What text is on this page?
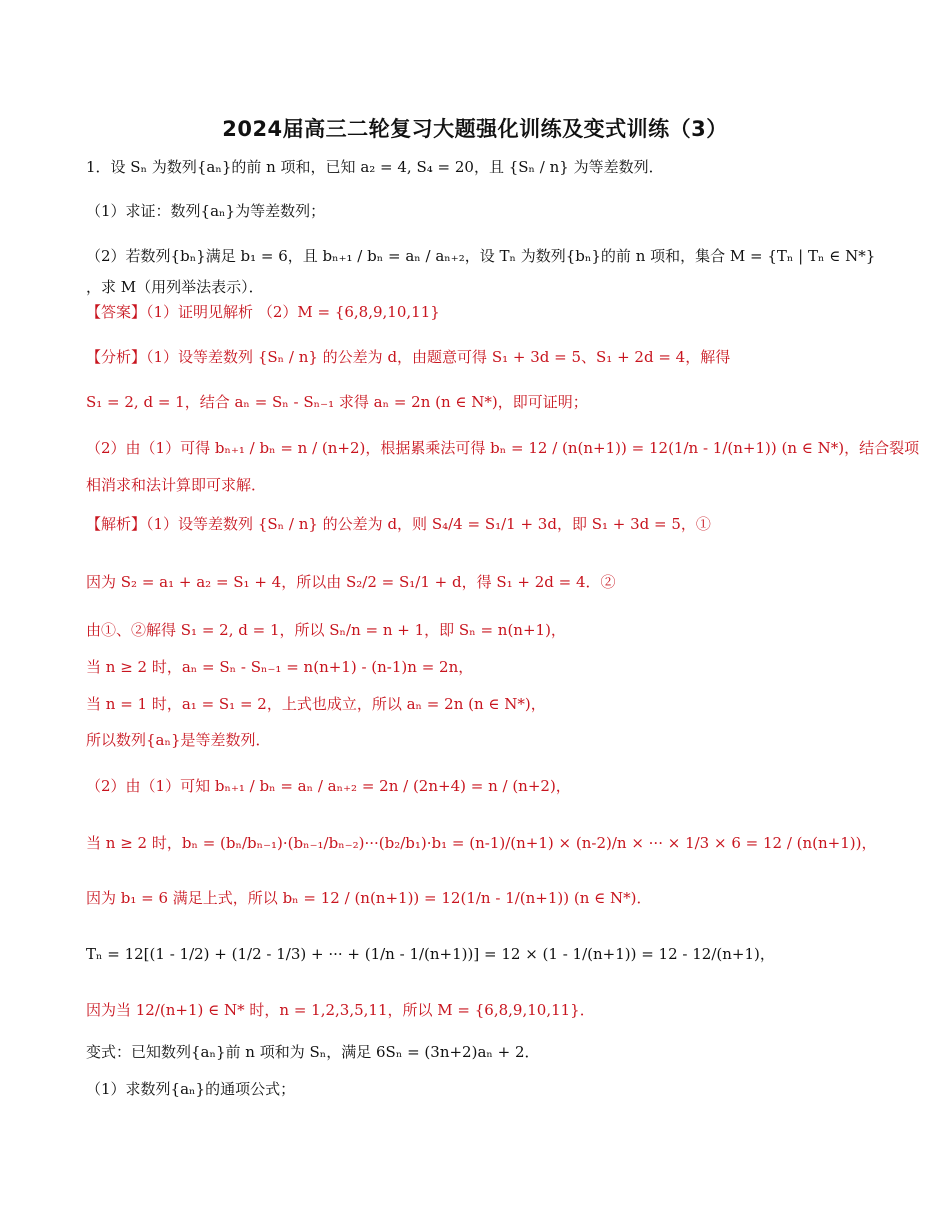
2024届高三二轮复习大题强化训练及变式训练（3）
1．设 Sₙ 为数列{aₙ}的前 n 项和，已知 a₂ = 4, S₄ = 20，且 {Sₙ / n} 为等差数列．
（1）求证：数列{aₙ}为等差数列；
（2）若数列{bₙ}满足 b₁ = 6，且 bₙ₊₁ / bₙ = aₙ / aₙ₊₂，设 Tₙ 为数列{bₙ}的前 n 项和，集合 M = {Tₙ | Tₙ ∈ N*}
，求 M（用列举法表示）．
【答案】（1）证明见解析 （2）M = {6,8,9,10,11}
【分析】（1）设等差数列 {Sₙ / n} 的公差为 d，由题意可得 S₁ + 3d = 5、S₁ + 2d = 4，解得
S₁ = 2, d = 1，结合 aₙ = Sₙ - Sₙ₋₁ 求得 aₙ = 2n (n ∈ N*)，即可证明；
（2）由（1）可得 bₙ₊₁ / bₙ = n / (n+2)，根据累乘法可得 bₙ = 12 / (n(n+1)) = 12(1/n - 1/(n+1)) (n ∈ N*)，结合裂项
相消求和法计算即可求解．
【解析】（1）设等差数列 {Sₙ / n} 的公差为 d，则 S₄/4 = S₁/1 + 3d，即 S₁ + 3d = 5，①
因为 S₂ = a₁ + a₂ = S₁ + 4，所以由 S₂/2 = S₁/1 + d，得 S₁ + 2d = 4．②
由①、②解得 S₁ = 2, d = 1，所以 Sₙ/n = n + 1，即 Sₙ = n(n+1)，
当 n ≥ 2 时，aₙ = Sₙ - Sₙ₋₁ = n(n+1) - (n-1)n = 2n，
当 n = 1 时，a₁ = S₁ = 2，上式也成立，所以 aₙ = 2n (n ∈ N*)，
所以数列{aₙ}是等差数列．
（2）由（1）可知 bₙ₊₁ / bₙ = aₙ / aₙ₊₂ = 2n / (2n+4) = n / (n+2)，
当 n ≥ 2 时，bₙ = (bₙ/bₙ₋₁)·(bₙ₋₁/bₙ₋₂)···(b₂/b₁)·b₁ = (n-1)/(n+1) × (n-2)/n × ··· × 1/3 × 6 = 12 / (n(n+1))，
因为 b₁ = 6 满足上式，所以 bₙ = 12 / (n(n+1)) = 12(1/n - 1/(n+1)) (n ∈ N*)．
Tₙ = 12[(1 - 1/2) + (1/2 - 1/3) + ··· + (1/n - 1/(n+1))] = 12 × (1 - 1/(n+1)) = 12 - 12/(n+1)，
因为当 12/(n+1) ∈ N* 时，n = 1,2,3,5,11，所以 M = {6,8,9,10,11}．
变式：已知数列{aₙ}前 n 项和为 Sₙ，满足 6Sₙ = (3n+2)aₙ + 2．
（1）求数列{aₙ}的通项公式；
